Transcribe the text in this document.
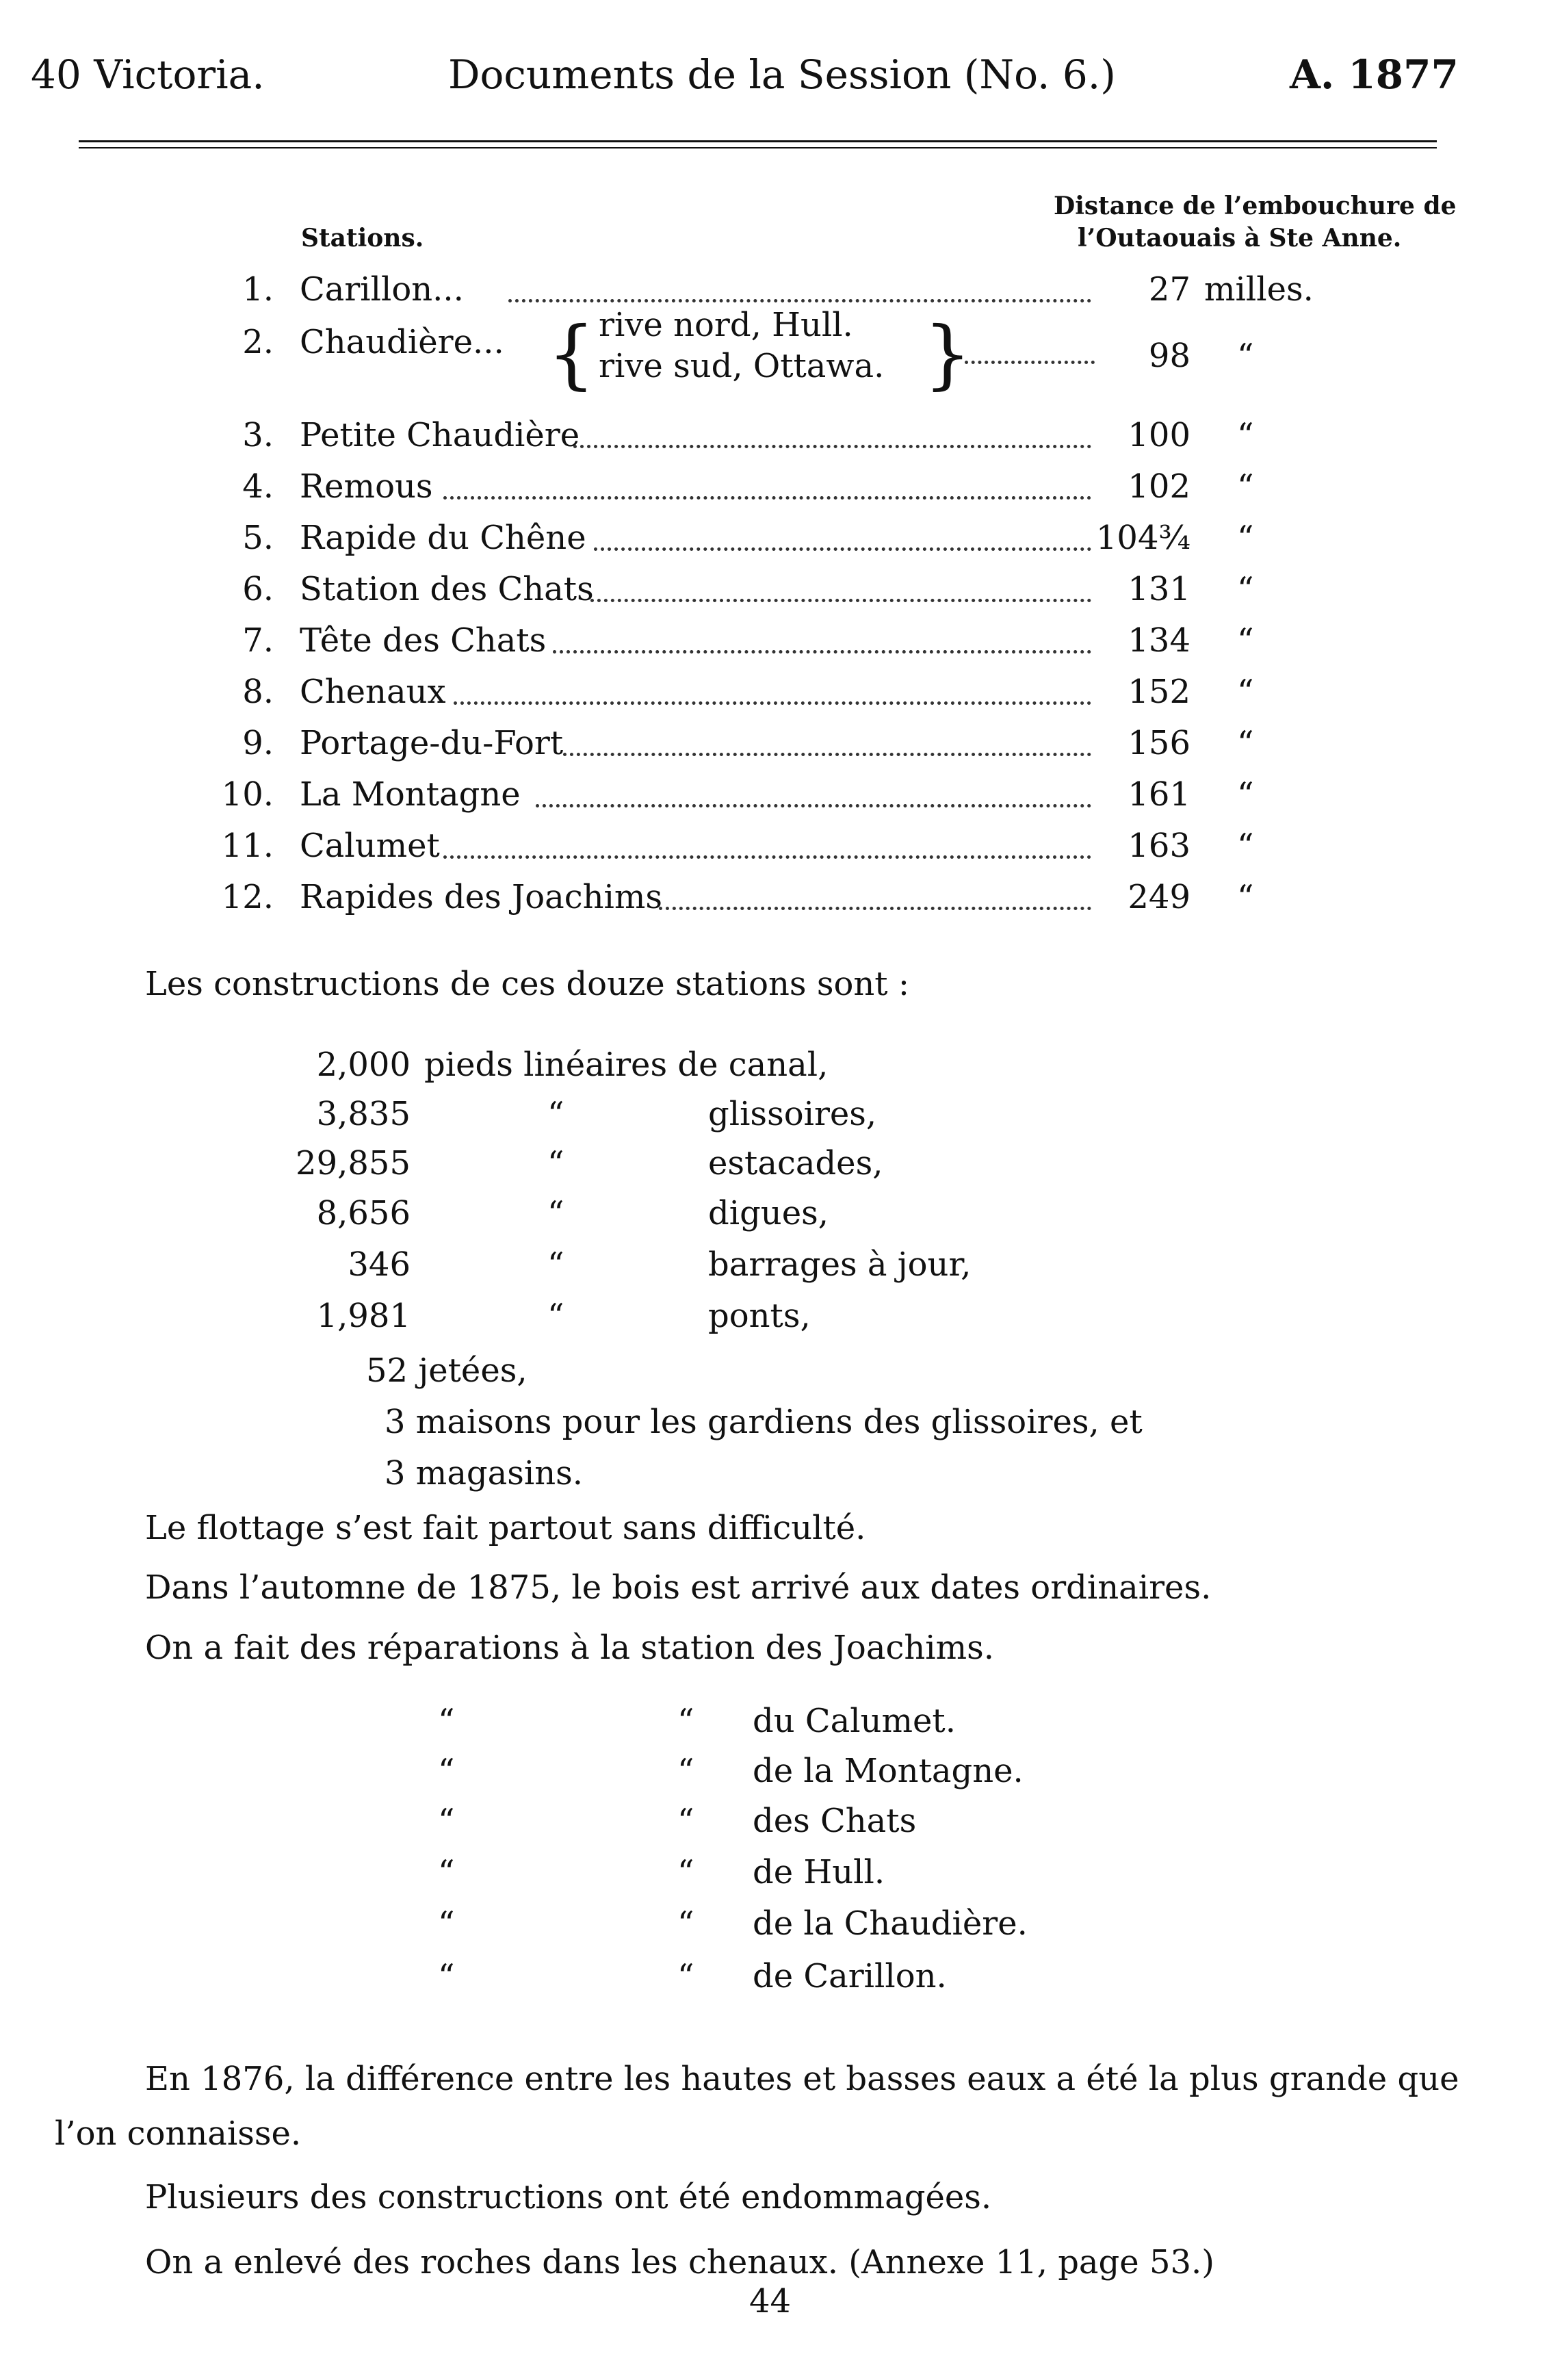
40 Victoria.	Documents de la Session (No. 6.)	A. 1877
Stations.
Distance de l’embouchure de
l’Outaouais à Ste Anne.
1. Carillon...	27 milles.
2. Chaudière... { rive nord, Hull.
rive sud, Ottawa. }	98 “
3. Petite Chaudière	100 “
4. Remous	102 “
5. Rapide du Chêne	104¾ “
6. Station des Chats	131 “
7. Tête des Chats	134 “
8. Chenaux	152 “
9. Portage-du-Fort	156 “
10. La Montagne	161 “
11. Calumet	163 “
12. Rapides des Joachims	249 “
Les constructions de ces douze stations sont :
2,000 pieds linéaires de canal,
3,835	“	glissoires,
29,855	“	estacades,
8,656	“	digues,
346	“	barrages à jour,
1,981	“	ponts,
52 jetées,
3 maisons pour les gardiens des glissoires, et
3 magasins.
Le flottage s’est fait partout sans difficulté.
Dans l’automne de 1875, le bois est arrivé aux dates ordinaires.
On a fait des réparations à la station des Joachims.
“	“ du Calumet.
“	“ de la Montagne.
“	“ des Chats
“	“ de Hull.
“	“ de la Chaudière.
“	“ de Carillon.
En 1876, la différence entre les hautes et basses eaux a été la plus grande que
l’on connaisse.
Plusieurs des constructions ont été endommagées.
On a enlevé des roches dans les chenaux. (Annexe 11, page 53.)
44
